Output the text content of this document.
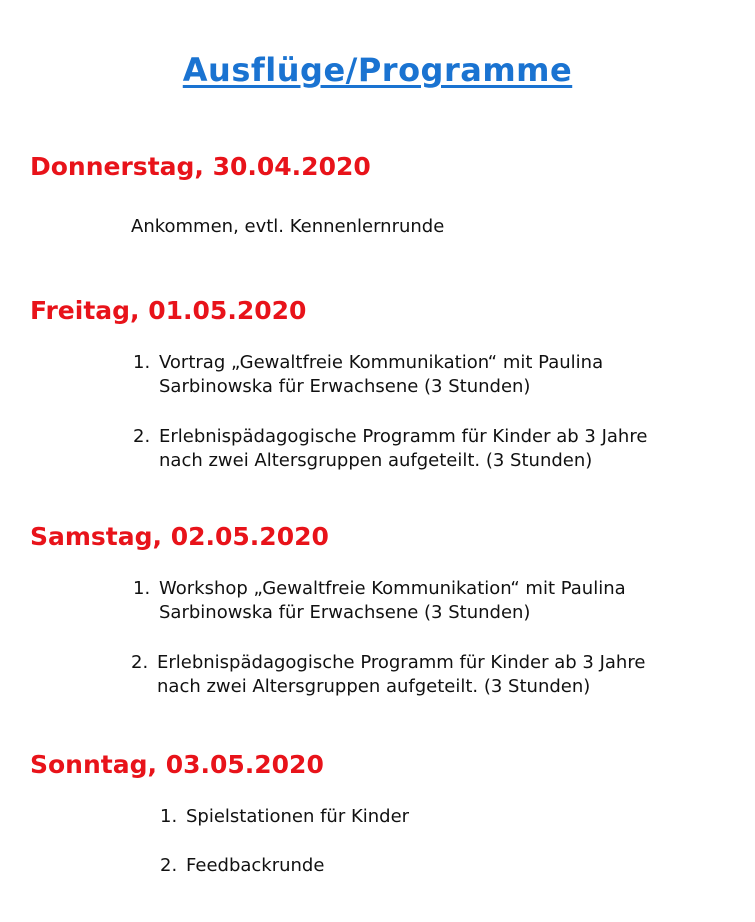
Ausflüge/Programme
Donnerstag, 30.04.2020
Ankommen, evtl. Kennenlernrunde
Freitag, 01.05.2020
1. Vortrag „Gewaltfreie Kommunikation“ mit Paulina
Sarbinowska für Erwachsene (3 Stunden)
2. Erlebnispädagogische Programm für Kinder ab 3 Jahre
nach zwei Altersgruppen aufgeteilt. (3 Stunden)
Samstag, 02.05.2020
1. Workshop „Gewaltfreie Kommunikation“ mit Paulina
Sarbinowska für Erwachsene (3 Stunden)
2. Erlebnispädagogische Programm für Kinder ab 3 Jahre
nach zwei Altersgruppen aufgeteilt. (3 Stunden)
Sonntag, 03.05.2020
1. Spielstationen für Kinder
2. Feedbackrunde
